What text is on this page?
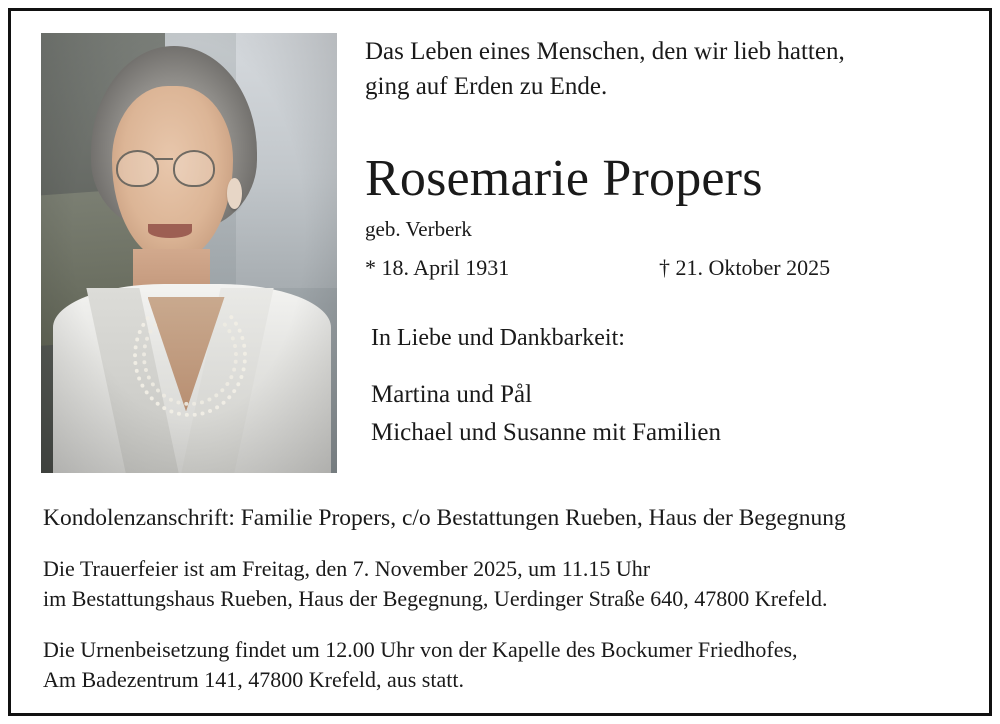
Das Leben eines Menschen, den wir lieb hatten,
ging auf Erden zu Ende.
Rosemarie Propers
geb. Verberk
* 18. April 1931	† 21. Oktober 2025
In Liebe und Dankbarkeit:
Martina und Pål
Michael und Susanne mit Familien
Kondolenzanschrift: Familie Propers, c/o Bestattungen Rueben, Haus der Begegnung
Die Trauerfeier ist am Freitag, den 7. November 2025, um 11.15 Uhr
im Bestattungshaus Rueben, Haus der Begegnung, Uerdinger Straße 640, 47800 Krefeld.
Die Urnenbeisetzung findet um 12.00 Uhr von der Kapelle des Bockumer Friedhofes,
Am Badezentrum 141, 47800 Krefeld, aus statt.
